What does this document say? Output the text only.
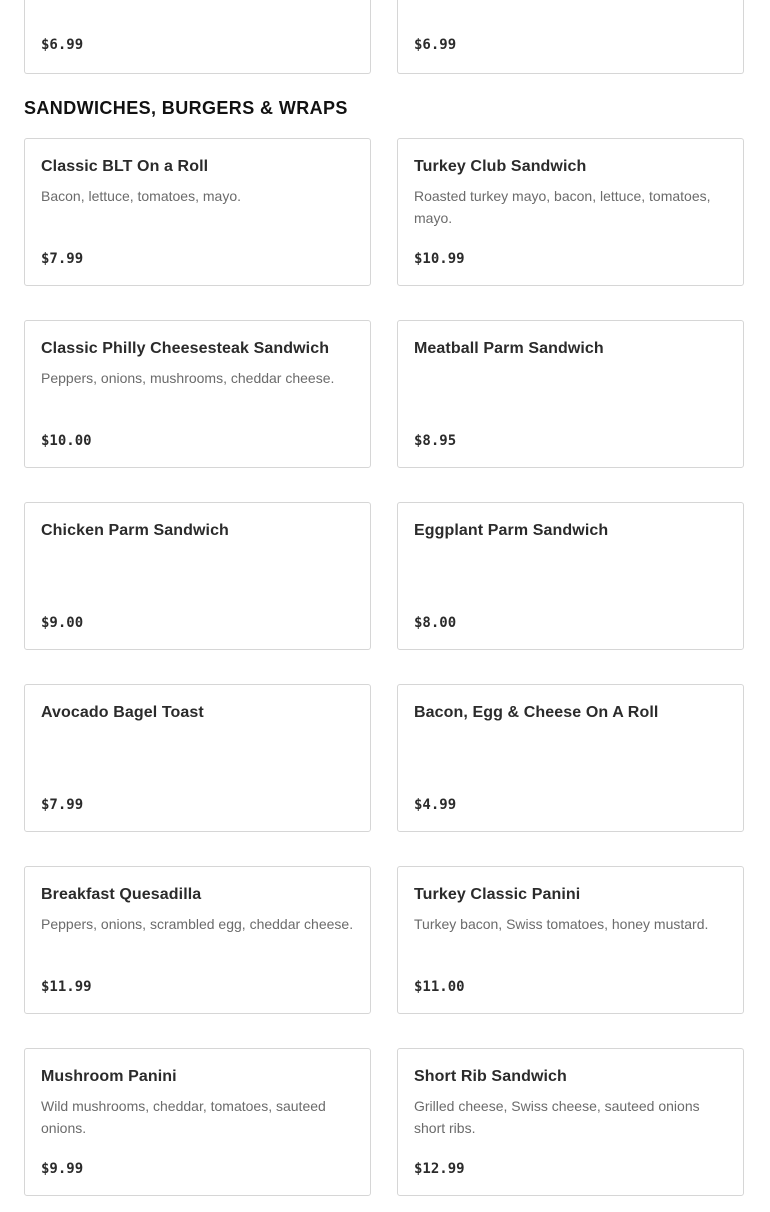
$6.99	$6.99
SANDWICHES, BURGERS & WRAPS
Classic BLT On a Roll
Bacon, lettuce, tomatoes, mayo.
$7.99
Turkey Club Sandwich
Roasted turkey mayo, bacon, lettuce, tomatoes, mayo.
$10.99
Classic Philly Cheesesteak Sandwich
Peppers, onions, mushrooms, cheddar cheese.
$10.00
Meatball Parm Sandwich
$8.95
Chicken Parm Sandwich
$9.00
Eggplant Parm Sandwich
$8.00
Avocado Bagel Toast
$7.99
Bacon, Egg & Cheese On A Roll
$4.99
Breakfast Quesadilla
Peppers, onions, scrambled egg, cheddar cheese.
$11.99
Turkey Classic Panini
Turkey bacon, Swiss tomatoes, honey mustard.
$11.00
Mushroom Panini
Wild mushrooms, cheddar, tomatoes, sauteed onions.
$9.99
Short Rib Sandwich
Grilled cheese, Swiss cheese, sauteed onions short ribs.
$12.99
